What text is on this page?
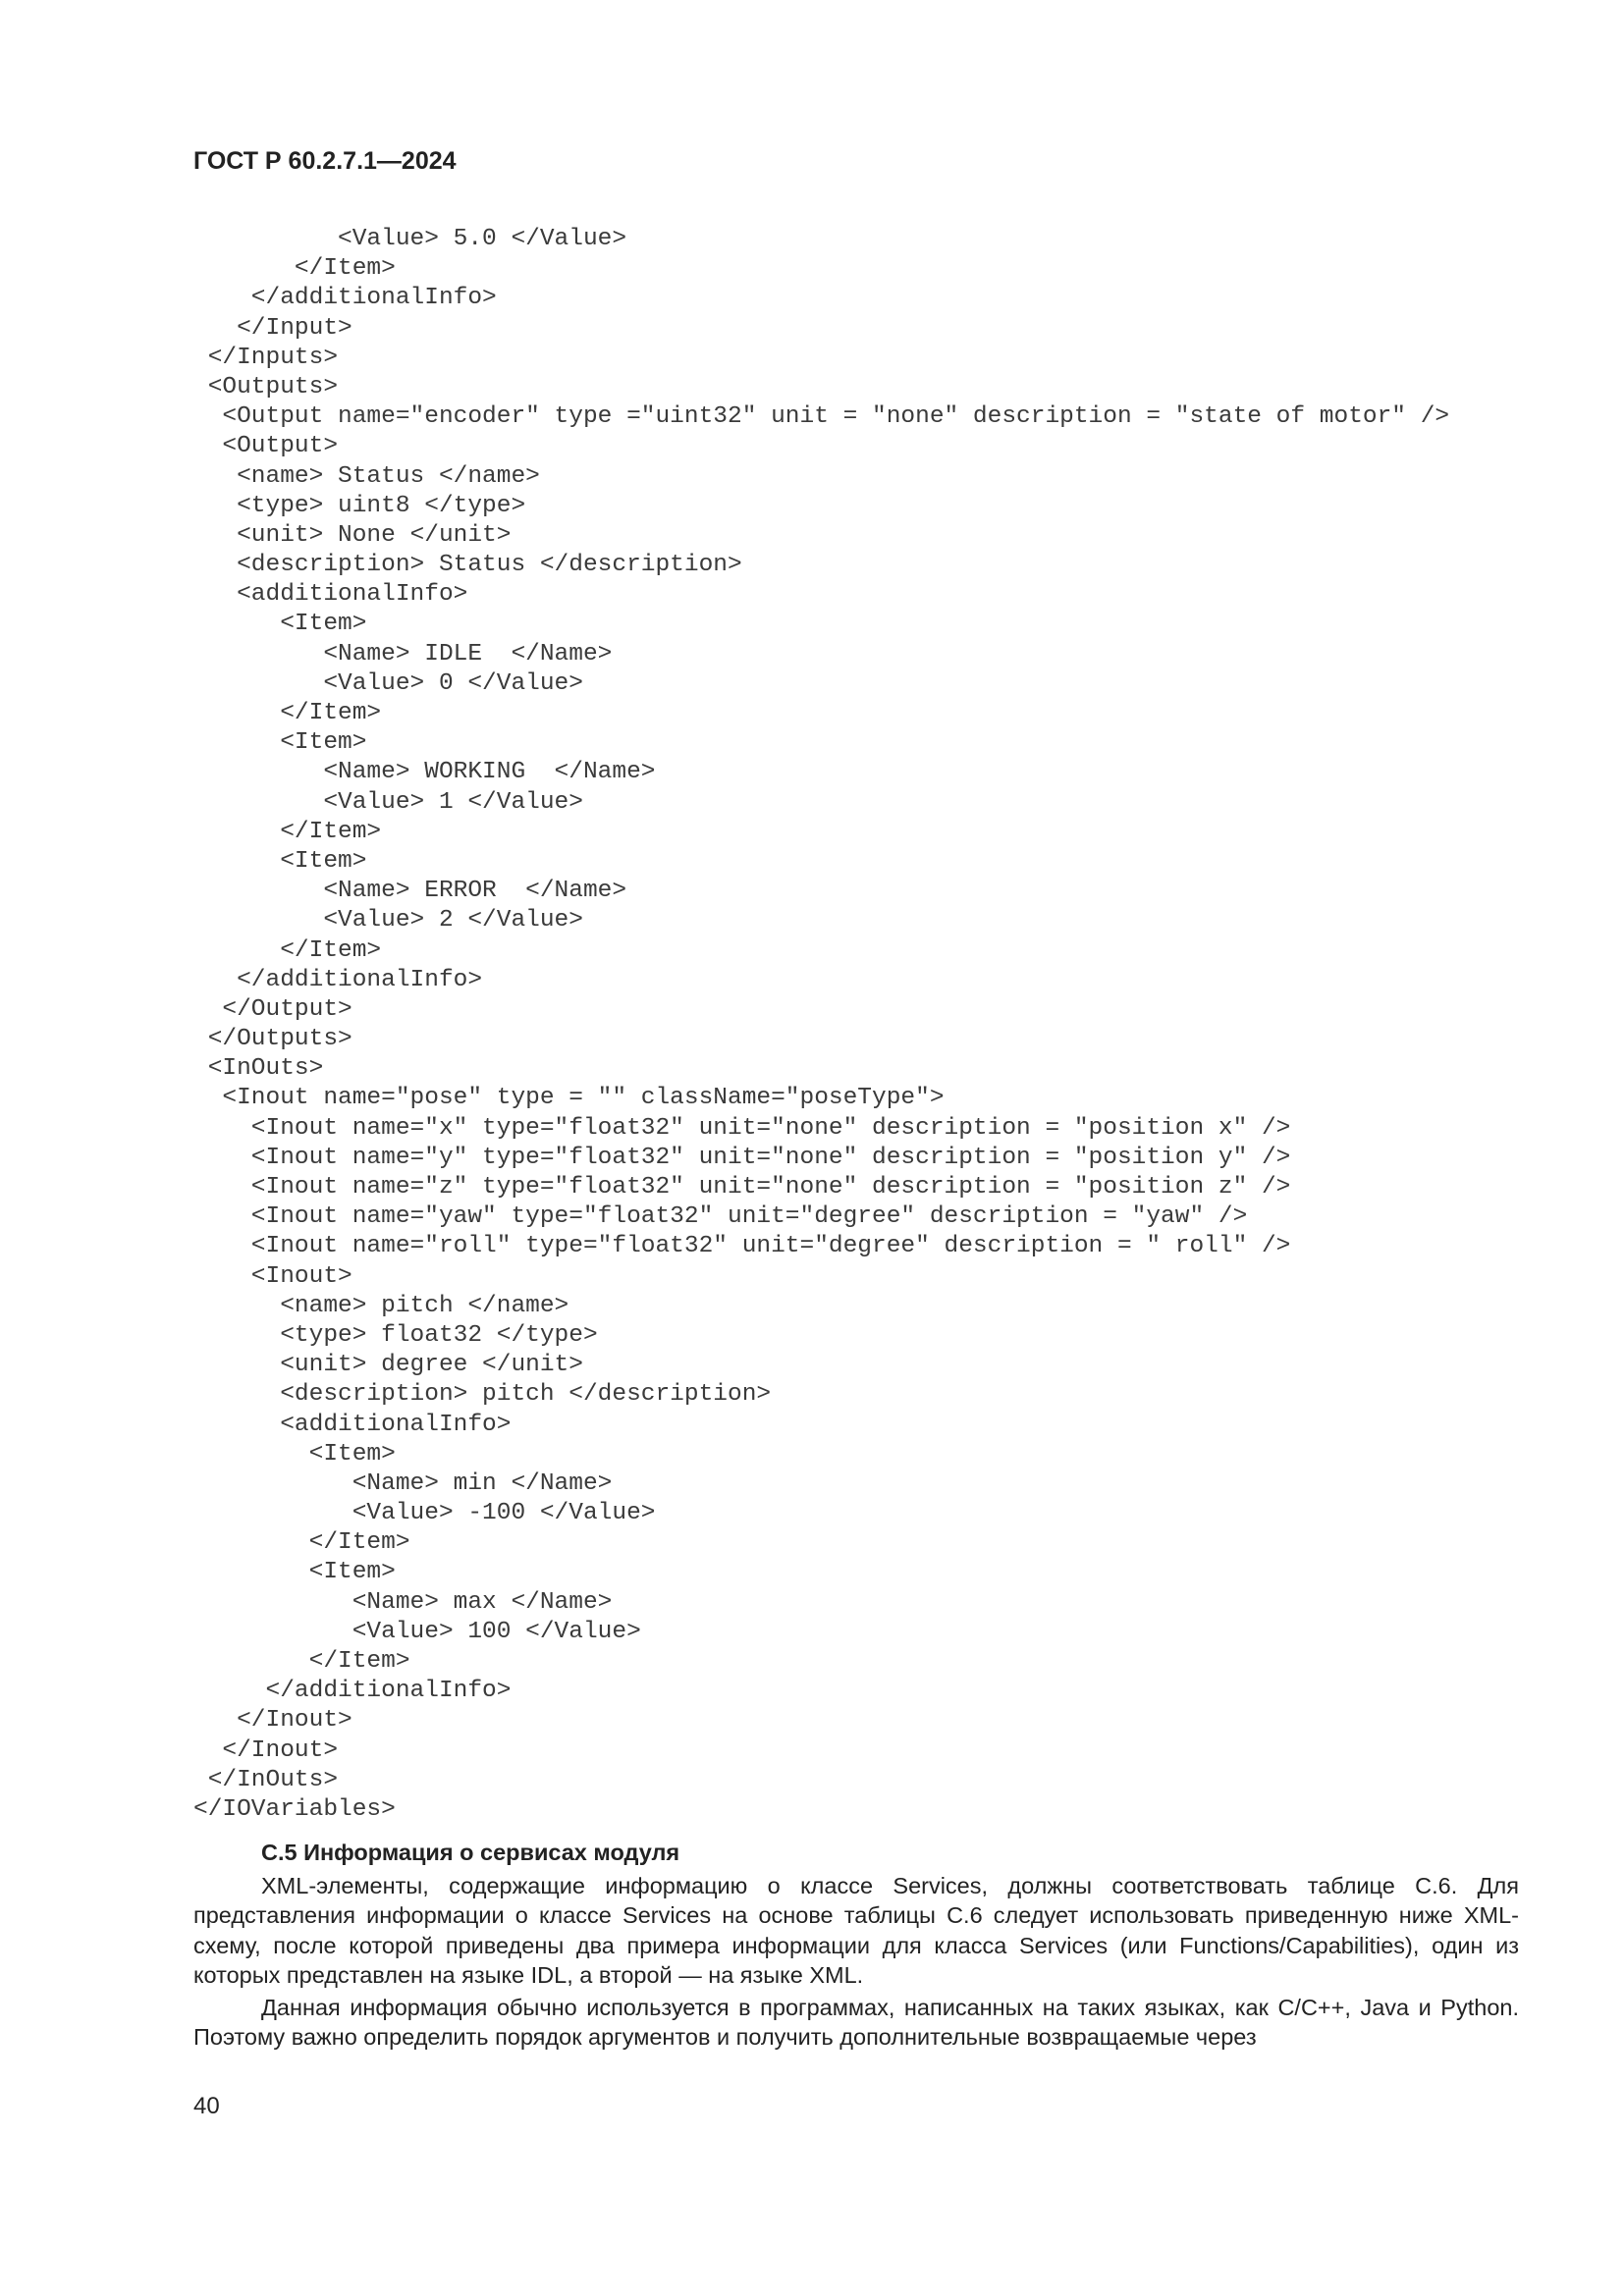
ГОСТ Р 60.2.7.1—2024
<Value> 5.0 </Value>
</Item>
</additionalInfo>
</Input>
</Inputs>
<Outputs>
<Output name="encoder" type ="uint32" unit = "none" description = "state of motor" />
<Output>
<name> Status </name>
<type> uint8 </type>
<unit> None </unit>
<description> Status </description>
<additionalInfo>
<Item>
<Name> IDLE  </Name>
<Value> 0 </Value>
</Item>
<Item>
<Name> WORKING  </Name>
<Value> 1 </Value>
</Item>
<Item>
<Name> ERROR  </Name>
<Value> 2 </Value>
</Item>
</additionalInfo>
</Output>
</Outputs>
<InOuts>
<Inout name="pose" type = "" className="poseType">
<Inout name="x" type="float32" unit="none" description = "position x" />
<Inout name="y" type="float32" unit="none" description = "position y" />
<Inout name="z" type="float32" unit="none" description = "position z" />
<Inout name="yaw" type="float32" unit="degree" description = "yaw" />
<Inout name="roll" type="float32" unit="degree" description = " roll" />
<Inout>
<name> pitch </name>
<type> float32 </type>
<unit> degree </unit>
<description> pitch </description>
<additionalInfo>
<Item>
<Name> min </Name>
<Value> -100 </Value>
</Item>
<Item>
<Name> max </Name>
<Value> 100 </Value>
</Item>
</additionalInfo>
</Inout>
</Inout>
</InOuts>
</IOVariables>
С.5 Информация о сервисах модуля

XML-элементы, содержащие информацию о классе Services, должны соответствовать таблице С.6. Для представления информации о классе Services на основе таблицы С.6 следует использовать приведенную ниже XML-схему, после которой приведены два примера информации для класса Services (или Functions/Capabilities), один из которых представлен на языке IDL, а второй — на языке XML.

Данная информация обычно используется в программах, написанных на таких языках, как C/C++, Java и Python. Поэтому важно определить порядок аргументов и получить дополнительные возвращаемые через

40
